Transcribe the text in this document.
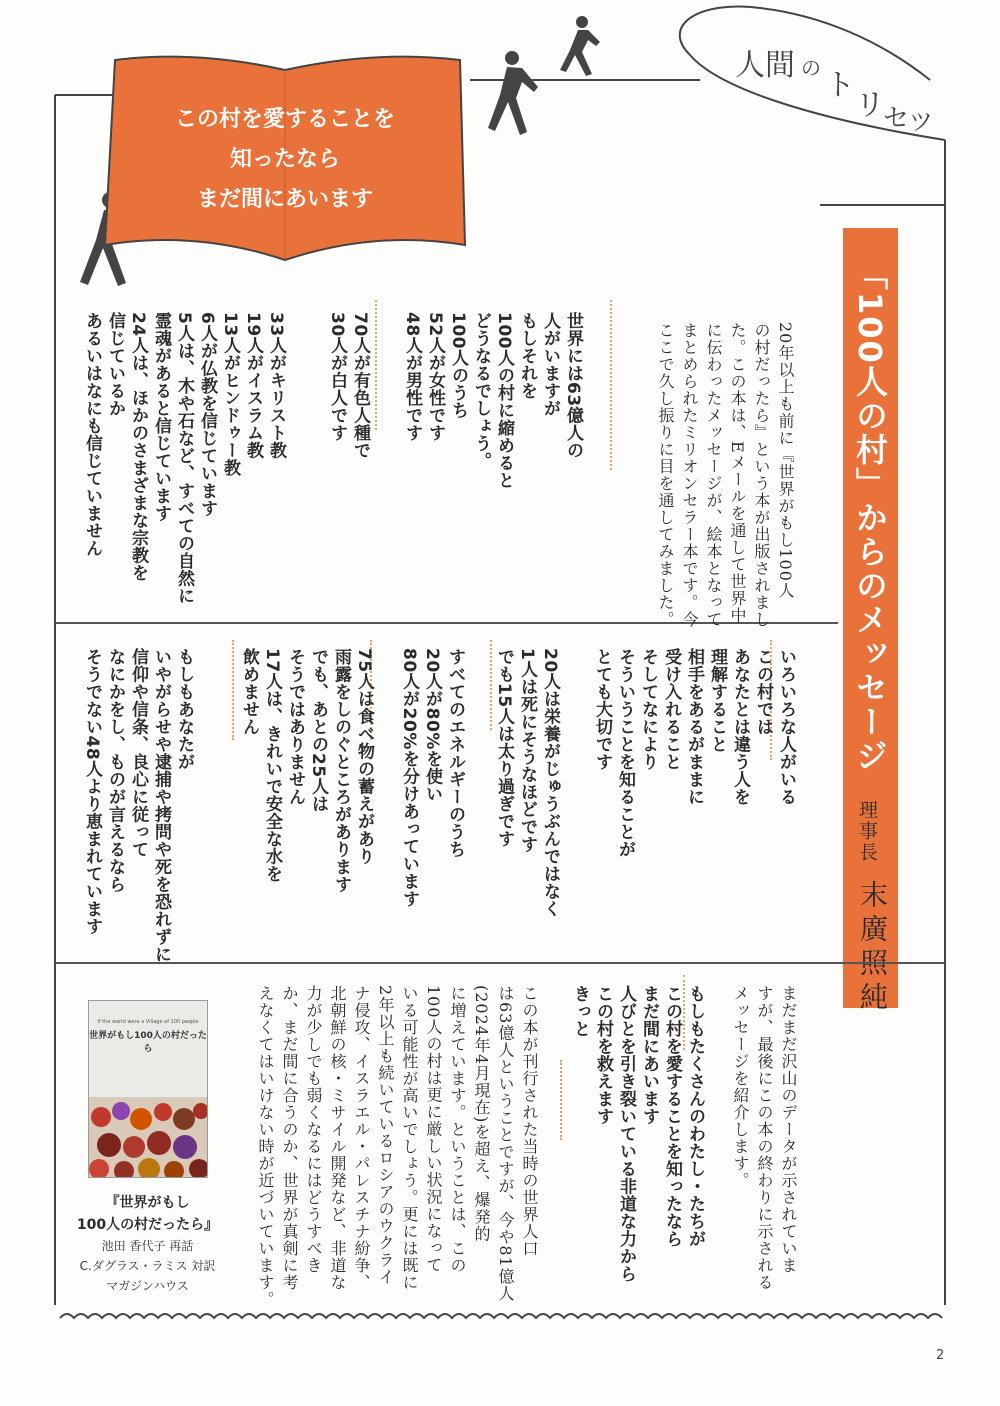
人間 の ト
リ
セ ツ
この村を愛することを
知ったなら
まだ間にあいます
「100人の村」からのメッセージ
理事長
末廣照純
20年以上も前に『世界がもし100人
の村だったら』という本が出版されまし
た。この本は、Eメールを通して世界中
に伝わったメッセージが、絵本となって
まとめられたミリオンセラー本です。今
ここで久し振りに目を通してみました。
世界には63億人の
人がいますが
もしそれを
100人の村に縮めると
どうなるでしょう。
100人のうち
52人が女性です
48人が男性です
70人が有色人種で
30人が白人です
33人がキリスト教
19人がイスラム教
13人がヒンドゥー教
6人が仏教を信じています
5人は、木や石など、すべての自然に
霊魂があると信じています
24人は、ほかのさまざまな宗教を
信じているか
あるいはなにも信じていません
いろいろな人がいる
この村では
あなたとは違う人を
理解すること
相手をあるがままに
受け入れること
そしてなにより
そういうことを知ることが
とても大切です
20人は栄養がじゅうぶんではなく
1人は死にそうなほどです
でも15人は太り過ぎです
すべてのエネルギーのうち
20人が80%を使い
80人が20%を分けあっています
75人は食べ物の蓄えがあり
雨露をしのぐところがあります
でも、あとの25人は
そうではありません
17人は、きれいで安全な水を
飲めません
もしもあなたが
いやがらせや逮捕や拷問や死を恐れずに
信仰や信条、良心に従って
なにかをし、ものが言えるなら
そうでない48人より恵まれています
まだまだ沢山のデータが示されていま
すが、最後にこの本の終わりに示される
メッセージを紹介します。
もしもたくさんのわたし・たちが
この村を愛することを知ったなら
まだ間にあいます
人びとを引き裂いている非道な力から
この村を救えます
きっと
この本が刊行された当時の世界人口
は63億人ということですが、今や81億人
(2024年4月現在)を超え、爆発的
に増えています。ということは、この
100人の村は更に厳しい状況になって
いる可能性が高いでしょう。更には既に
2年以上も続いているロシアのウクライ
ナ侵攻、イスラエル・パレスチナ紛争、
北朝鮮の核・ミサイル開発など、非道な
力が少しでも弱くなるにはどうすべき
か、まだ間に合うのか、世界が真剣に考
えなくてはいけない時が近づいています。
If the world were a Village of 100 people
世界がもし100人の村だったら
『世界がもし
100人の村だったら』
池田 香代子 再話
C.ダグラス・ラミス 対訳
マガジンハウス
2
